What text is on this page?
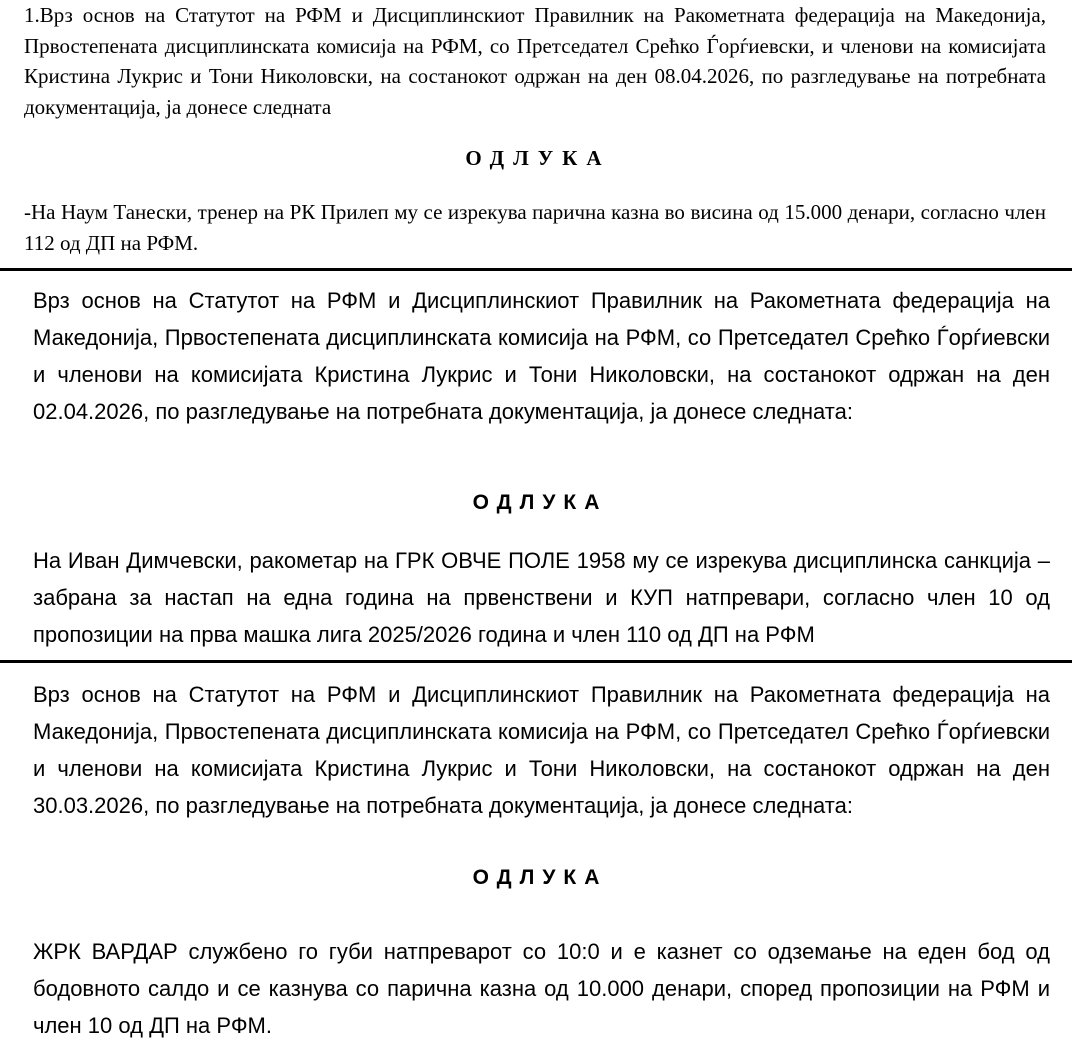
1.Врз основ на Статутот на РФМ и Дисциплинскиот Правилник на Ракометната федерација на Македонија, Првостепената дисциплинската комисија на РФМ, со Претседател Срећко Ѓорѓиевски, и членови на комисијата Кристина Лукрис и Тони Николовски, на состанокот одржан на ден 08.04.2026, по разгледување на потребната документација, ја донесе следната
ОДЛУКА
-На Наум Танески, тренер на РК Прилеп му се изрекува парична казна во висина од 15.000 денари, согласно член 112 од ДП на РФМ.
Врз основ на Статутот на РФМ и Дисциплинскиот Правилник на Ракометната федерација на Македонија, Првостепената дисциплинската комисија на РФМ, со Претседател Срећко Ѓорѓиевски и членови на комисијата Кристина Лукрис и Тони Николовски, на состанокот одржан на ден 02.04.2026, по разгледување на потребната документација, ја донесе следната:
ОДЛУКА
На Иван Димчевски, ракометар на ГРК ОВЧЕ ПОЛЕ 1958 му се изрекува дисциплинска санкција – забрана за настап на една година на првенствени и КУП натпревари, согласно член 10 од пропозиции на прва машка лига 2025/2026 година и член 110 од ДП на РФМ
Врз основ на Статутот на РФМ и Дисциплинскиот Правилник на Ракометната федерација на Македонија, Првостепената дисциплинската комисија на РФМ, со Претседател Срећко Ѓорѓиевски и членови на комисијата Кристина Лукрис и Тони Николовски, на состанокот одржан на ден 30.03.2026, по разгледување на потребната документација, ја донесе следната:
ОДЛУКА
ЖРК ВАРДАР службено го губи натпреварот со 10:0 и е казнет со одземање на еден бод од бодовното салдо и се казнува со парична казна од 10.000 денари, според пропозиции на РФМ и член 10 од ДП на РФМ.
